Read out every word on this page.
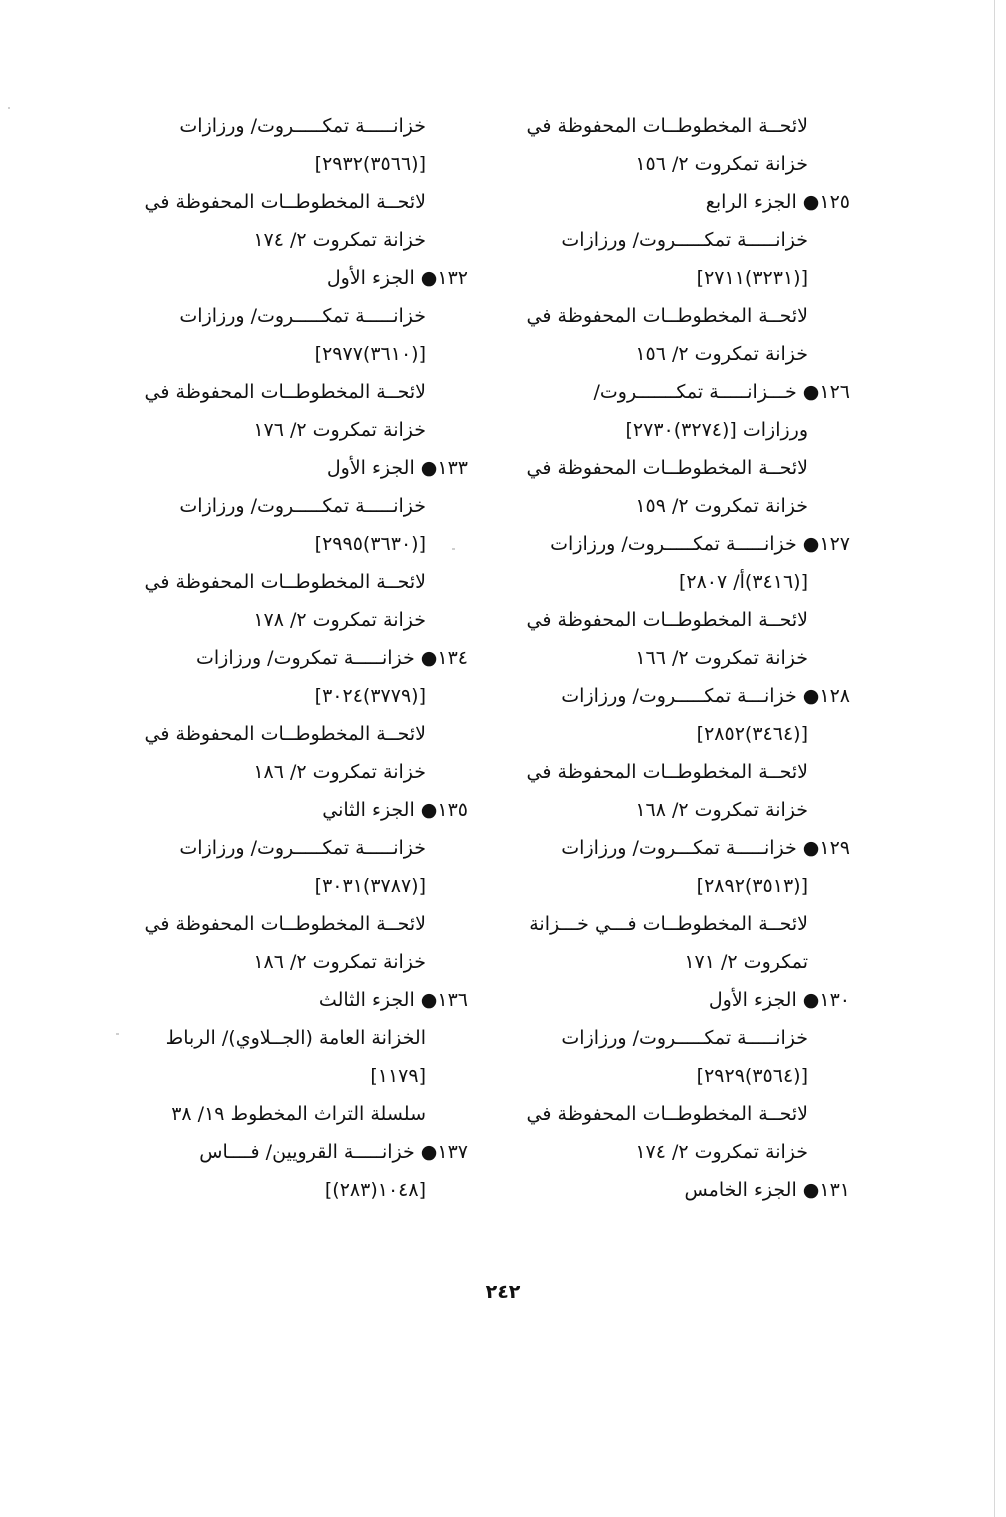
لائحــة المخطوطــات المحفوظة في
خزانة تمكروت ٢/ ١٥٦
١٢٥● الجزء الرابع
خزانـــــة تمكـــــروت/ ورزازات
[(٣٢٣١)٢٧١١]
لائحــة المخطوطــات المحفوظة في
خزانة تمكروت ٢/ ١٥٦
١٢٦● خـــزانـــــة تمكـــــــروت/
ورزازات [(٣٢٧٤)٢٧٣٠]
لائحــة المخطوطــات المحفوظة في
خزانة تمكروت ٢/ ١٥٩
١٢٧● خزانـــــة تمكـــــروت/ ورزازات
[(٣٤١٦)أ/ ٢٨٠٧]
لائحــة المخطوطــات المحفوظة في
خزانة تمكروت ٢/ ١٦٦
١٢٨● خزانـــة تمكـــــروت/ ورزازات
[(٣٤٦٤)٢٨٥٢]
لائحــة المخطوطــات المحفوظة في
خزانة تمكروت ٢/ ١٦٨
١٢٩● خزانـــــة تمكـــروت/ ورزازات
[(٣٥١٣)٢٨٩٢]
لائحــة المخطوطــات فـــي خـــزانة
تمكروت ٢/ ١٧١
١٣٠● الجزء الأول
خزانـــــة تمكـــــروت/ ورزازات
[(٣٥٦٤)٢٩٢٩]
لائحــة المخطوطــات المحفوظة في
خزانة تمكروت ٢/ ١٧٤
١٣١● الجزء الخامس
خزانـــــة تمكـــــروت/ ورزازات
[(٣٥٦٦)٢٩٣٢]
لائحــة المخطوطــات المحفوظة في
خزانة تمكروت ٢/ ١٧٤
١٣٢● الجزء الأول
خزانـــــة تمكـــــروت/ ورزازات
[(٣٦١٠)٢٩٧٧]
لائحــة المخطوطــات المحفوظة في
خزانة تمكروت ٢/ ١٧٦
١٣٣● الجزء الأول
خزانـــــة تمكـــــروت/ ورزازات
[(٣٦٣٠)٢٩٩٥]
لائحــة المخطوطــات المحفوظة في
خزانة تمكروت ٢/ ١٧٨
١٣٤● خزانـــــة تمكروت/ ورزازات
[(٣٧٧٩)٣٠٢٤]
لائحــة المخطوطــات المحفوظة في
خزانة تمكروت ٢/ ١٨٦
١٣٥● الجزء الثاني
خزانـــــة تمكـــــروت/ ورزازات
[(٣٧٨٧)٣٠٣١]
لائحــة المخطوطــات المحفوظة في
خزانة تمكروت ٢/ ١٨٦
١٣٦● الجزء الثالث
الخزانة العامة (الجــلاوي)/ الرباط
[١١٧٩]
سلسلة التراث المخطوط ١٩/ ٣٨
١٣٧● خزانـــــة القرويين/ فــــاس
[١٠٤٨(٢٨٣)]
٢٤٢
